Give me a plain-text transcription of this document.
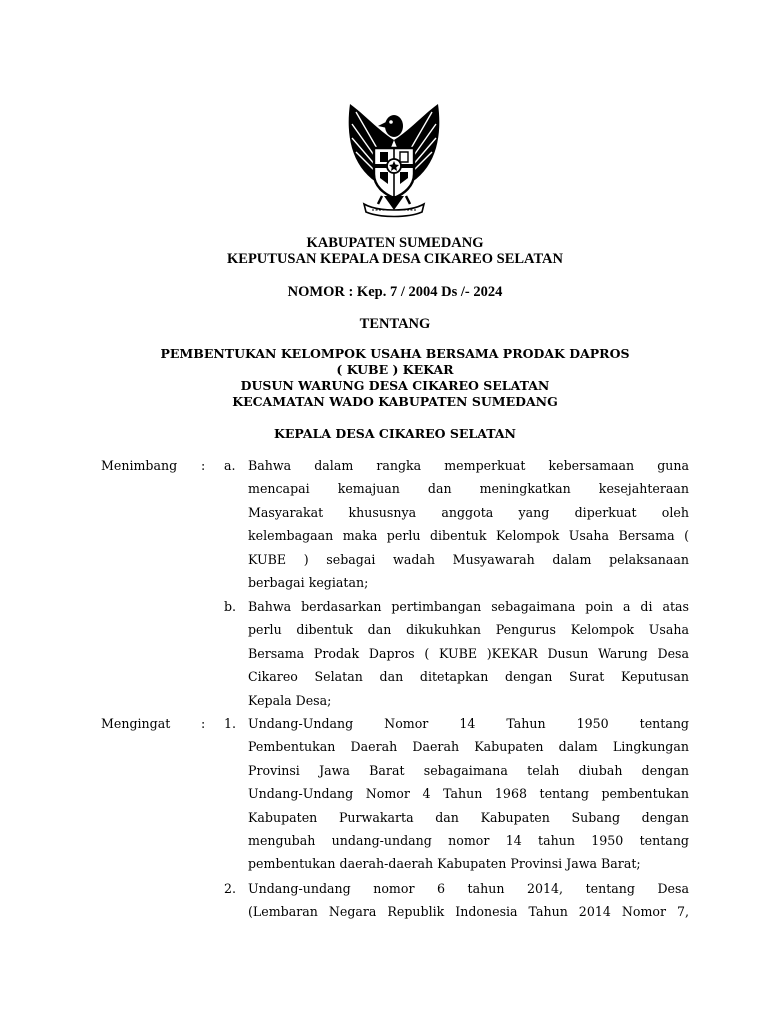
KABUPATEN SUMEDANG
KEPUTUSAN KEPALA DESA CIKAREO SELATAN
NOMOR : Kep. 7 / 2004 Ds /- 2024
TENTANG
PEMBENTUKAN KELOMPOK USAHA BERSAMA PRODAK DAPROS
( KUBE ) KEKAR
DUSUN WARUNG DESA CIKAREO SELATAN
KECAMATAN WADO KABUPATEN SUMEDANG
KEPALA DESA CIKAREO SELATAN
Menimbang : a. Bahwa dalam rangka memperkuat kebersamaan guna
mencapai kemajuan dan meningkatkan kesejahteraan
Masyarakat khususnya anggota yang diperkuat oleh
kelembagaan maka perlu dibentuk Kelompok Usaha Bersama (
KUBE ) sebagai wadah Musyawarah dalam pelaksanaan
berbagai kegiatan;
b. Bahwa berdasarkan pertimbangan sebagaimana poin a di atas
perlu dibentuk dan dikukuhkan Pengurus Kelompok Usaha
Bersama Prodak Dapros ( KUBE )KEKAR Dusun Warung Desa
Cikareo Selatan dan ditetapkan dengan Surat Keputusan
Kepala Desa;
Mengingat : 1. Undang-Undang Nomor 14 Tahun 1950 tentang
Pembentukan Daerah Daerah Kabupaten dalam Lingkungan
Provinsi Jawa Barat sebagaimana telah diubah dengan
Undang-Undang Nomor 4 Tahun 1968 tentang pembentukan
Kabupaten Purwakarta dan Kabupaten Subang dengan
mengubah undang-undang nomor 14 tahun 1950 tentang
pembentukan daerah-daerah Kabupaten Provinsi Jawa Barat;
2. Undang-undang nomor 6 tahun 2014, tentang Desa
(Lembaran Negara Republik Indonesia Tahun 2014 Nomor 7,
